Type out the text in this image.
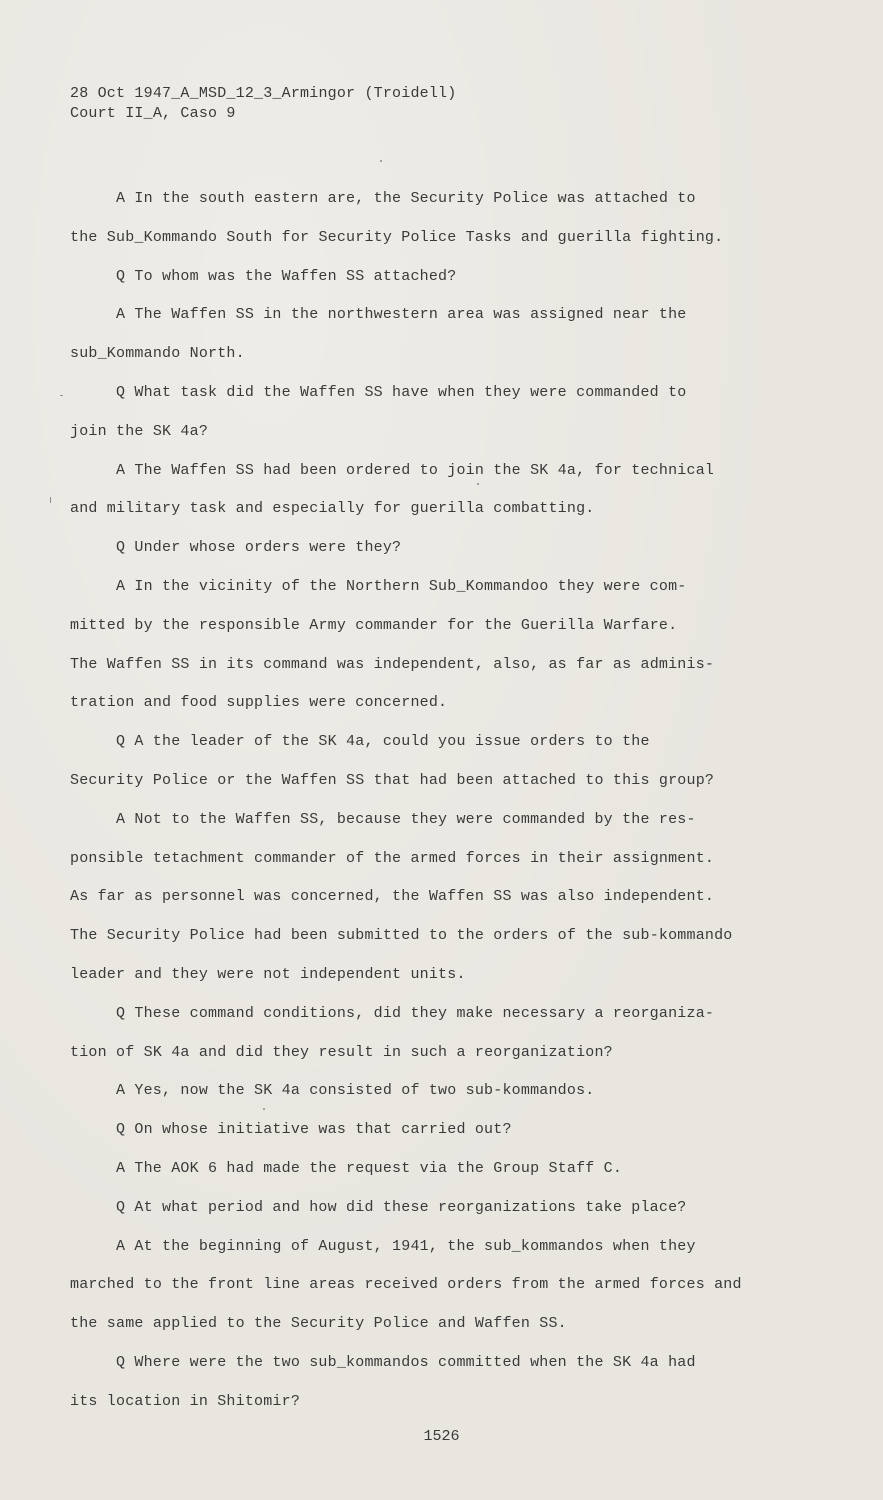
28 Oct 1947_A_MSD_12_3_Armingor (Troidell)
Court II_A, Caso 9
A In the south eastern are, the Security Police was attached to
the Sub_Kommando South for Security Police Tasks and guerilla fighting.
Q To whom was the Waffen SS attached?
A The Waffen SS in the northwestern area was assigned near the
sub_Kommando North.
Q What task did the Waffen SS have when they were commanded to
join the SK 4a?
A The Waffen SS had been ordered to join the SK 4a, for technical
and military task and especially for guerilla combatting.
Q Under whose orders were they?
A In the vicinity of the Northern Sub_Kommandoo they were com-
mitted by the responsible Army commander for the Guerilla Warfare.
The Waffen SS in its command was independent, also, as far as adminis-
tration and food supplies were concerned.
Q A the leader of the SK 4a, could you issue orders to the
Security Police or the Waffen SS that had been attached to this group?
A Not to the Waffen SS, because they were commanded by the res-
ponsible tetachment commander of the armed forces in their assignment.
As far as personnel was concerned, the Waffen SS was also independent.
The Security Police had been submitted to the orders of the sub-kommando
leader and they were not independent units.
Q These command conditions, did they make necessary a reorganiza-
tion of SK 4a and did they result in such a reorganization?
A Yes, now the SK 4a consisted of two sub-kommandos.
Q On whose initiative was that carried out?
A The AOK 6 had made the request via the Group Staff C.
Q At what period and how did these reorganizations take place?
A At the beginning of August, 1941, the sub_kommandos when they
marched to the front line areas received orders from the armed forces and
the same applied to the Security Police and Waffen SS.
Q Where were the two sub_kommandos committed when the SK 4a had
its location in Shitomir?
1526
